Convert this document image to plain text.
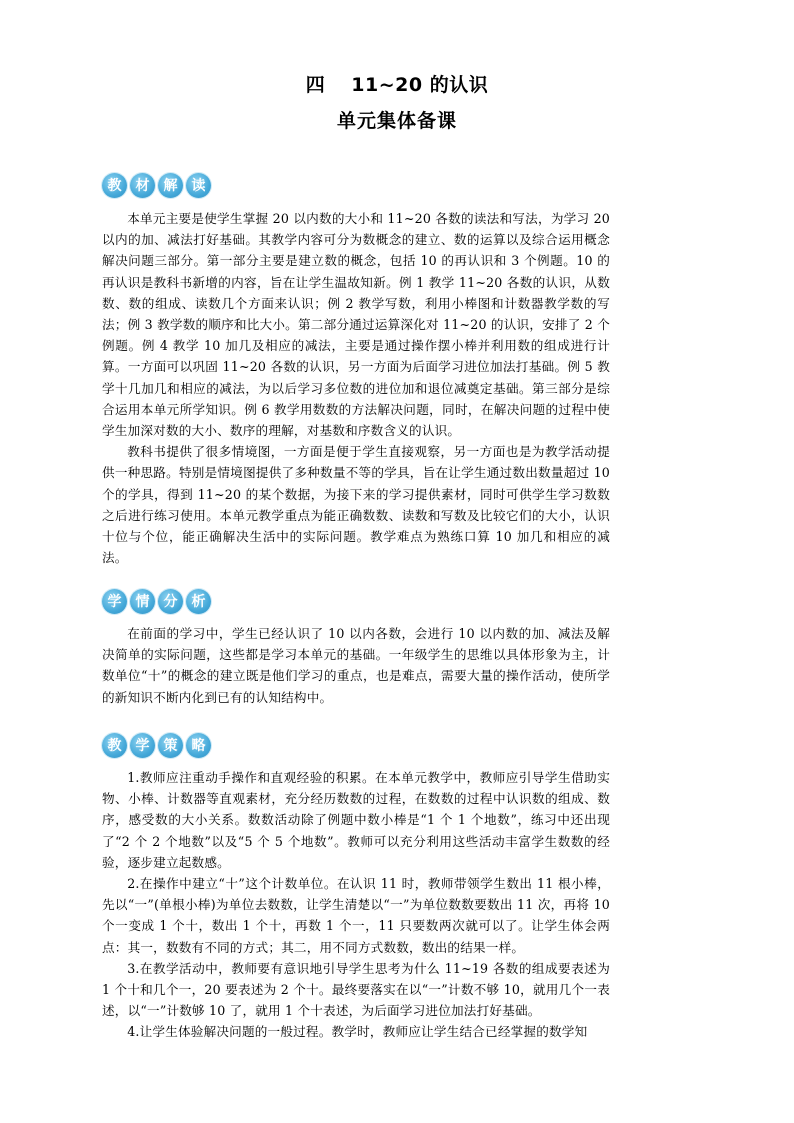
四 11~20 的认识
单元集体备课
教	材	解	读

本单元主要是使学生掌握 20 以内数的大小和 11~20 各数的读法和写法，为学习 20 以内的加、减法打好基础。其教学内容可分为数概念的建立、数的运算以及综合运用概念解决问题三部分。第一部分主要是建立数的概念，包括 10 的再认识和 3 个例题。10 的再认识是教科书新增的内容，旨在让学生温故知新。例 1 教学 11~20 各数的认识，从数数、数的组成、读数几个方面来认识；例 2 教学写数，利用小棒图和计数器教学数的写法；例 3 教学数的顺序和比大小。第二部分通过运算深化对 11~20 的认识，安排了 2 个例题。例 4 教学 10 加几及相应的减法，主要是通过操作摆小棒并利用数的组成进行计算。一方面可以巩固 11~20 各数的认识，另一方面为后面学习进位加法打基础。例 5 教学十几加几和相应的减法，为以后学习多位数的进位加和退位减奠定基础。第三部分是综合运用本单元所学知识。例 6 教学用数数的方法解决问题，同时，在解决问题的过程中使学生加深对数的大小、数序的理解，对基数和序数含义的认识。

教科书提供了很多情境图，一方面是便于学生直接观察，另一方面也是为教学活动提供一种思路。特别是情境图提供了多种数量不等的学具，旨在让学生通过数出数量超过 10 个的学具，得到 11~20 的某个数据，为接下来的学习提供素材，同时可供学生学习数数之后进行练习使用。本单元教学重点为能正确数数、读数和写数及比较它们的大小，认识十位与个位，能正确解决生活中的实际问题。教学难点为熟练口算 10 加几和相应的减法。

学	情	分	析

在前面的学习中，学生已经认识了 10 以内各数，会进行 10 以内数的加、减法及解决简单的实际问题，这些都是学习本单元的基础。一年级学生的思维以具体形象为主，计数单位“十”的概念的建立既是他们学习的重点，也是难点，需要大量的操作活动，使所学的新知识不断内化到已有的认知结构中。

教	学	策	略

1.教师应注重动手操作和直观经验的积累。在本单元教学中，教师应引导学生借助实物、小棒、计数器等直观素材，充分经历数数的过程，在数数的过程中认识数的组成、数序，感受数的大小关系。数数活动除了例题中数小棒是“1 个 1 个地数”，练习中还出现了“2 个 2 个地数”以及“5 个 5 个地数”。教师可以充分利用这些活动丰富学生数数的经验，逐步建立起数感。

2.在操作中建立“十”这个计数单位。在认识 11 时，教师带领学生数出 11 根小棒，先以“一”(单根小棒)为单位去数数，让学生清楚以“一”为单位数数要数出 11 次，再将 10 个一变成 1 个十，数出 1 个十，再数 1 个一，11 只要数两次就可以了。让学生体会两点：其一，数数有不同的方式；其二，用不同方式数数，数出的结果一样。

3.在教学活动中，教师要有意识地引导学生思考为什么 11~19 各数的组成要表述为 1 个十和几个一，20 要表述为 2 个十。最终要落实在以“一”计数不够 10，就用几个一表述，以“一”计数够 10 了，就用 1 个十表述，为后面学习进位加法打好基础。

4.让学生体验解决问题的一般过程。教学时，教师应让学生结合已经掌握的数学知
